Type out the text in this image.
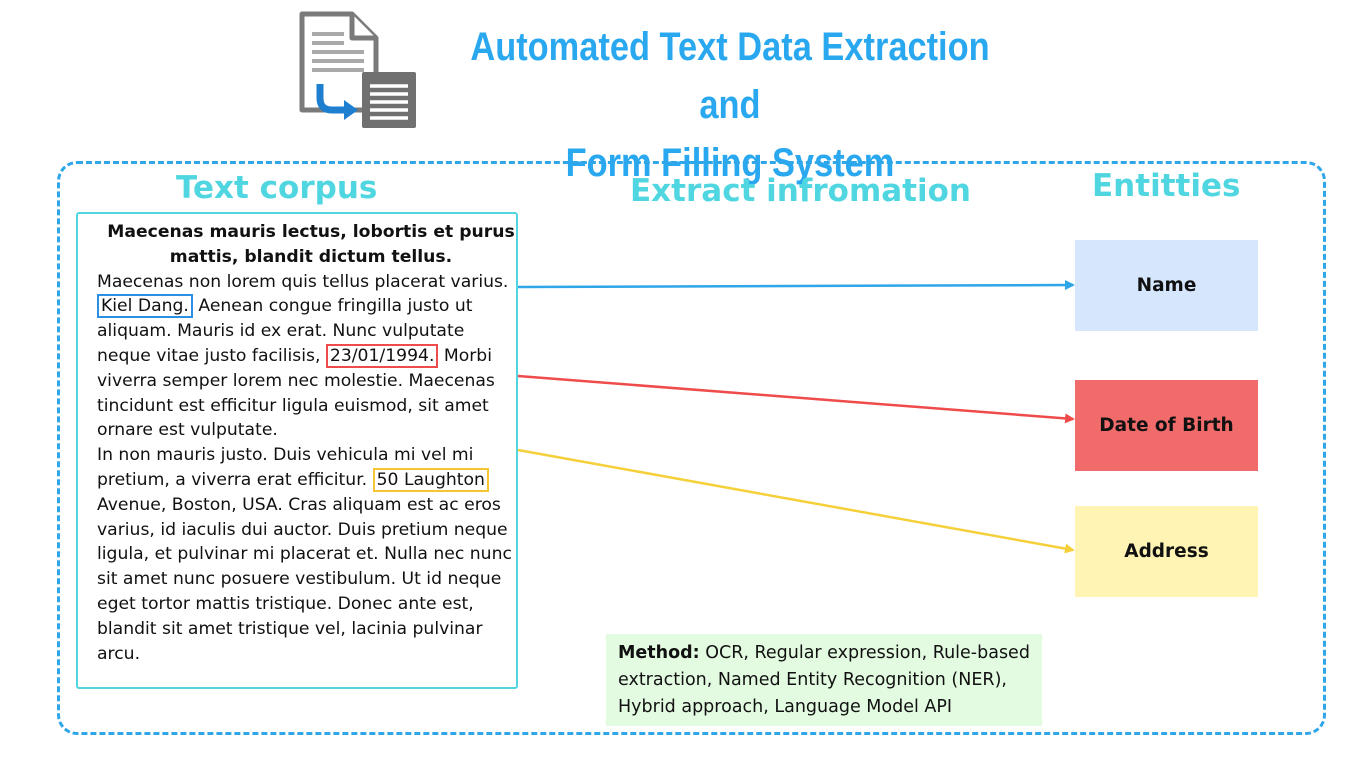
Automated Text Data Extraction and
Form Filling System
Text corpus	Extract infromation	Entitties
Maecenas mauris lectus, lobortis et purus mattis, blandit dictum tellus.
Maecenas non lorem quis tellus placerat varius. Kiel Dang. Aenean congue fringilla justo ut aliquam. Mauris id ex erat. Nunc vulputate neque vitae justo facilisis, 23/01/1994. Morbi viverra semper lorem nec molestie. Maecenas tincidunt est efficitur ligula euismod, sit amet ornare est vulputate.
In non mauris justo. Duis vehicula mi vel mi pretium, a viverra erat efficitur. 50 Laughton Avenue, Boston, USA. Cras aliquam est ac eros varius, id iaculis dui auctor. Duis pretium neque ligula, et pulvinar mi placerat et. Nulla nec nunc sit amet nunc posuere vestibulum. Ut id neque eget tortor mattis tristique. Donec ante est, blandit sit amet tristique vel, lacinia pulvinar arcu.
Name
Date of Birth
Address
Method: OCR, Regular expression, Rule-based extraction, Named Entity Recognition (NER), Hybrid approach, Language Model API
